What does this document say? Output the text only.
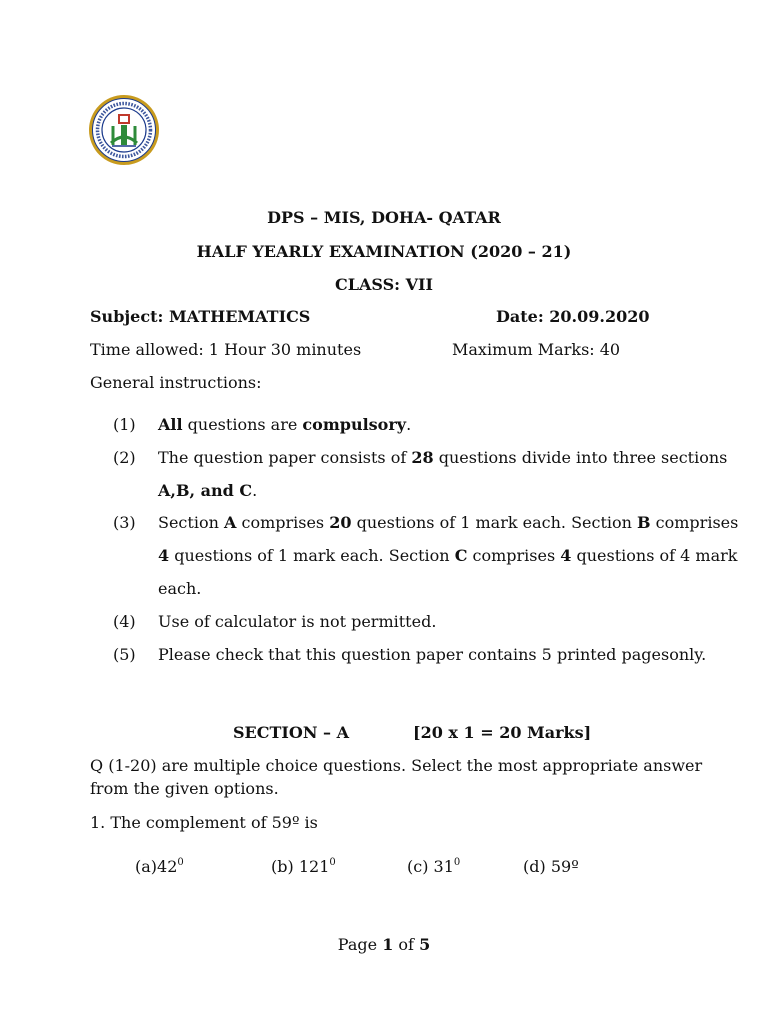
DPS – MIS, DOHA- QATAR
HALF YEARLY EXAMINATION (2020 – 21)
CLASS: VII
Subject: MATHEMATICS	Date: 20.09.2020
Time allowed: 1 Hour 30 minutes	Maximum Marks: 40
General instructions:
(1) All questions are compulsory.
(2) The question paper consists of 28 questions divide into three sections
A,B, and C.
(3) Section A comprises 20 questions of 1 mark each. Section B comprises
4 questions of 1 mark each. Section C comprises 4 questions of 4 mark
each.
(4) Use of calculator is not permitted.
(5) Please check that this question paper contains 5 printed pagesonly.
SECTION – A	[20 x 1 = 20 Marks]
Q (1-20) are multiple choice questions. Select the most appropriate answer
from the given options.
1. The complement of 59º is
$(a)42^0$	(b) $121^0$	(c) $31^0$	(d) 59º
Page 1 of 5
